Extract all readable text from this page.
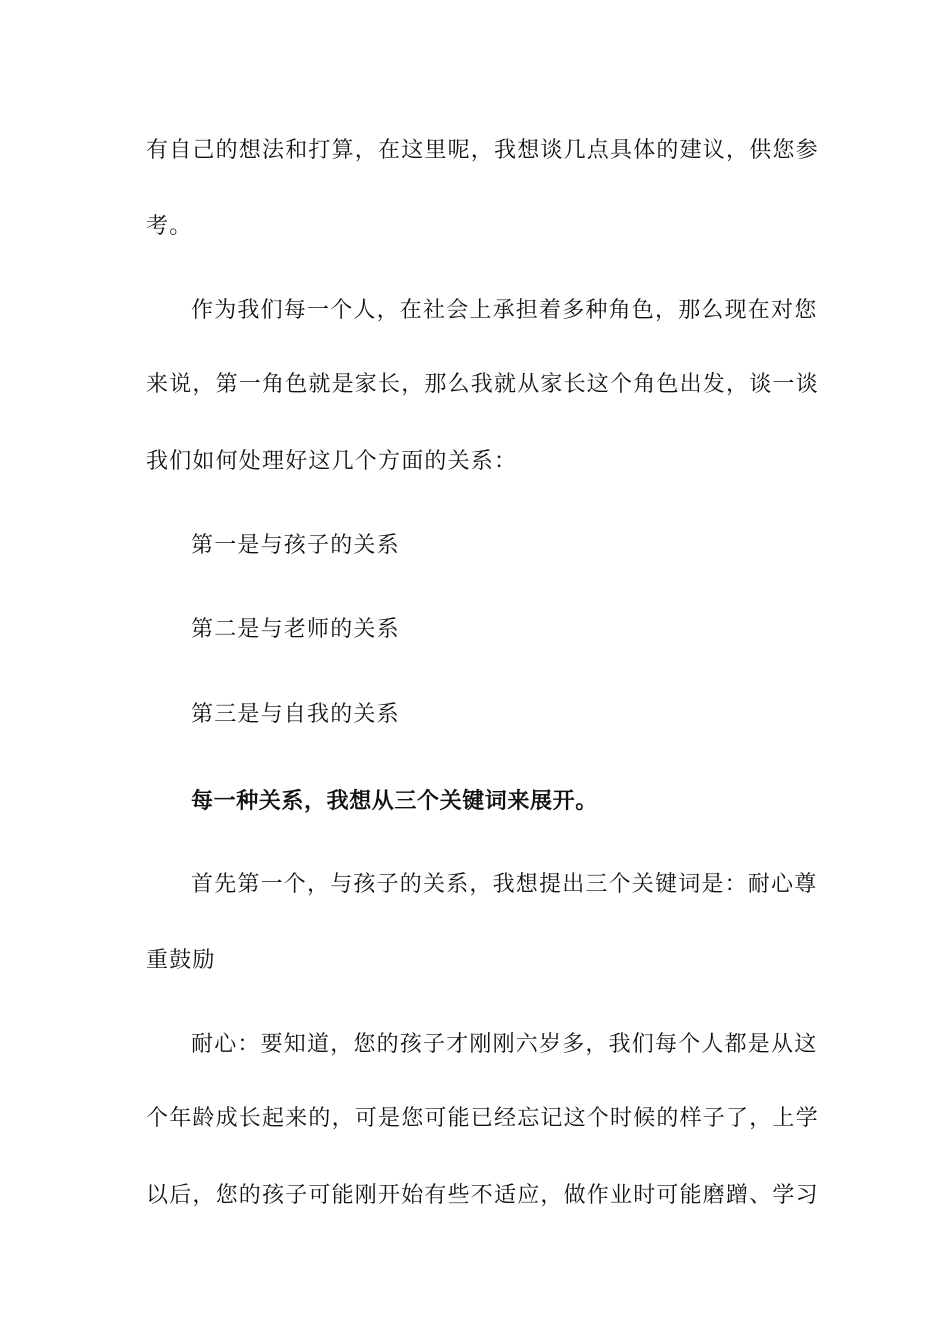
有自己的想法和打算，在这里呢，我想谈几点具体的建议，供您参
考。
作为我们每一个人，在社会上承担着多种角色，那么现在对您
来说，第一角色就是家长，那么我就从家长这个角色出发，谈一谈
我们如何处理好这几个方面的关系：
第一是与孩子的关系
第二是与老师的关系
第三是与自我的关系
每一种关系，我想从三个关键词来展开。
首先第一个，与孩子的关系，我想提出三个关键词是：耐心尊
重鼓励
耐心：要知道，您的孩子才刚刚六岁多，我们每个人都是从这
个年龄成长起来的，可是您可能已经忘记这个时候的样子了，上学
以后，您的孩子可能刚开始有些不适应，做作业时可能磨蹭、学习
